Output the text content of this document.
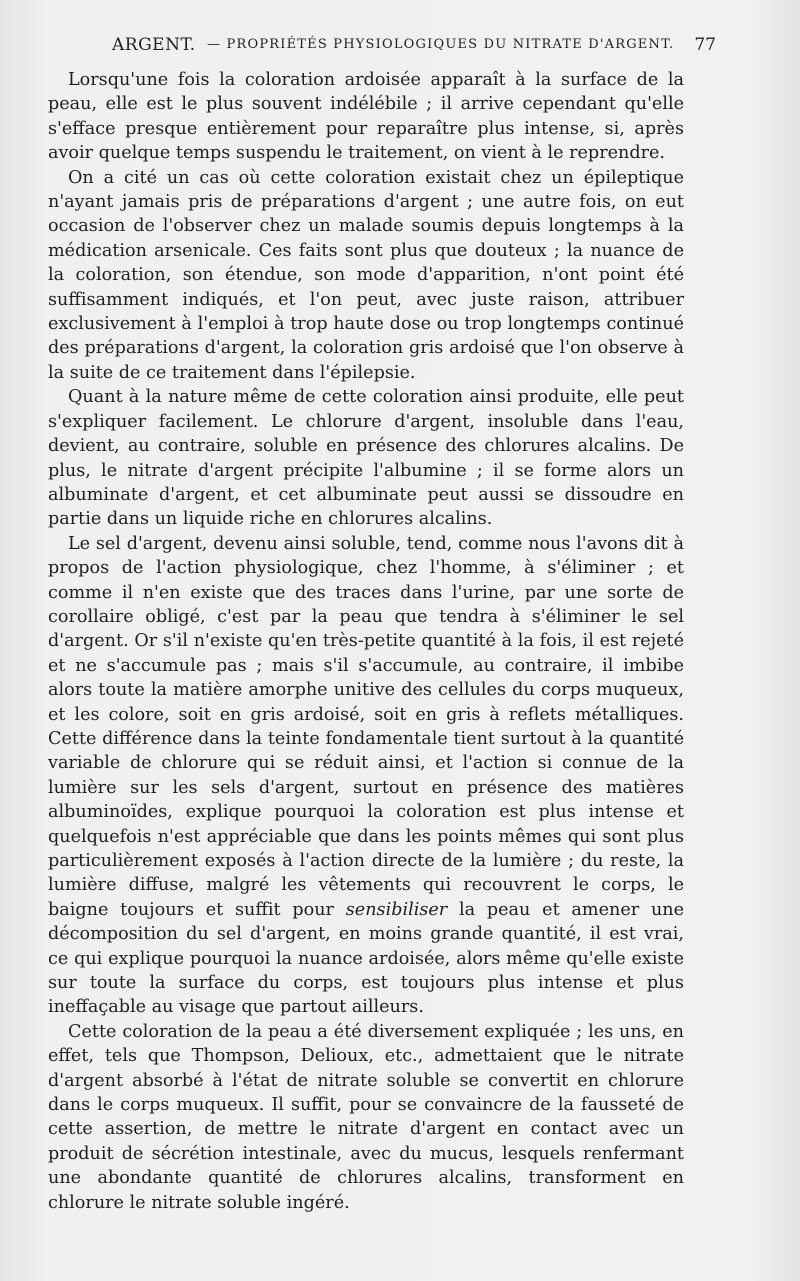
ARGENT. — PROPRIÉTÉS PHYSIOLOGIQUES DU NITRATE D'ARGENT. 77

Lorsqu'une fois la coloration ardoisée apparaît à la surface de la peau, elle est le plus souvent indélébile ; il arrive cependant qu'elle s'efface presque entièrement pour reparaître plus intense, si, après avoir quelque temps suspendu le traitement, on vient à le reprendre.

On a cité un cas où cette coloration existait chez un épileptique n'ayant jamais pris de préparations d'argent ; une autre fois, on eut occasion de l'observer chez un malade soumis depuis longtemps à la médication arsenicale. Ces faits sont plus que douteux ; la nuance de la coloration, son étendue, son mode d'apparition, n'ont point été suffisamment indiqués, et l'on peut, avec juste raison, attribuer exclusivement à l'emploi à trop haute dose ou trop longtemps continué des préparations d'argent, la coloration gris ardoisé que l'on observe à la suite de ce traitement dans l'épilepsie.

Quant à la nature même de cette coloration ainsi produite, elle peut s'expliquer facilement. Le chlorure d'argent, insoluble dans l'eau, devient, au contraire, soluble en présence des chlorures alcalins. De plus, le nitrate d'argent précipite l'albumine ; il se forme alors un albuminate d'argent, et cet albuminate peut aussi se dissoudre en partie dans un liquide riche en chlorures alcalins.

Le sel d'argent, devenu ainsi soluble, tend, comme nous l'avons dit à propos de l'action physiologique, chez l'homme, à s'éliminer ; et comme il n'en existe que des traces dans l'urine, par une sorte de corollaire obligé, c'est par la peau que tendra à s'éliminer le sel d'argent. Or s'il n'existe qu'en très-petite quantité à la fois, il est rejeté et ne s'accumule pas ; mais s'il s'accumule, au contraire, il imbibe alors toute la matière amorphe unitive des cellules du corps muqueux, et les colore, soit en gris ardoisé, soit en gris à reflets métalliques. Cette différence dans la teinte fondamentale tient surtout à la quantité variable de chlorure qui se réduit ainsi, et l'action si connue de la lumière sur les sels d'argent, surtout en présence des matières albuminoïdes, explique pourquoi la coloration est plus intense et quelquefois n'est appréciable que dans les points mêmes qui sont plus particulièrement exposés à l'action directe de la lumière ; du reste, la lumière diffuse, malgré les vêtements qui recouvrent le corps, le baigne toujours et suffit pour sensibiliser la peau et amener une décomposition du sel d'argent, en moins grande quantité, il est vrai, ce qui explique pourquoi la nuance ardoisée, alors même qu'elle existe sur toute la surface du corps, est toujours plus intense et plus ineffaçable au visage que partout ailleurs.

Cette coloration de la peau a été diversement expliquée ; les uns, en effet, tels que Thompson, Delioux, etc., admettaient que le nitrate d'argent absorbé à l'état de nitrate soluble se convertit en chlorure dans le corps muqueux. Il suffit, pour se convaincre de la fausseté de cette assertion, de mettre le nitrate d'argent en contact avec un produit de sécrétion intestinale, avec du mucus, lesquels renfermant une abondante quantité de chlorures alcalins, transforment en chlorure le nitrate soluble ingéré.
